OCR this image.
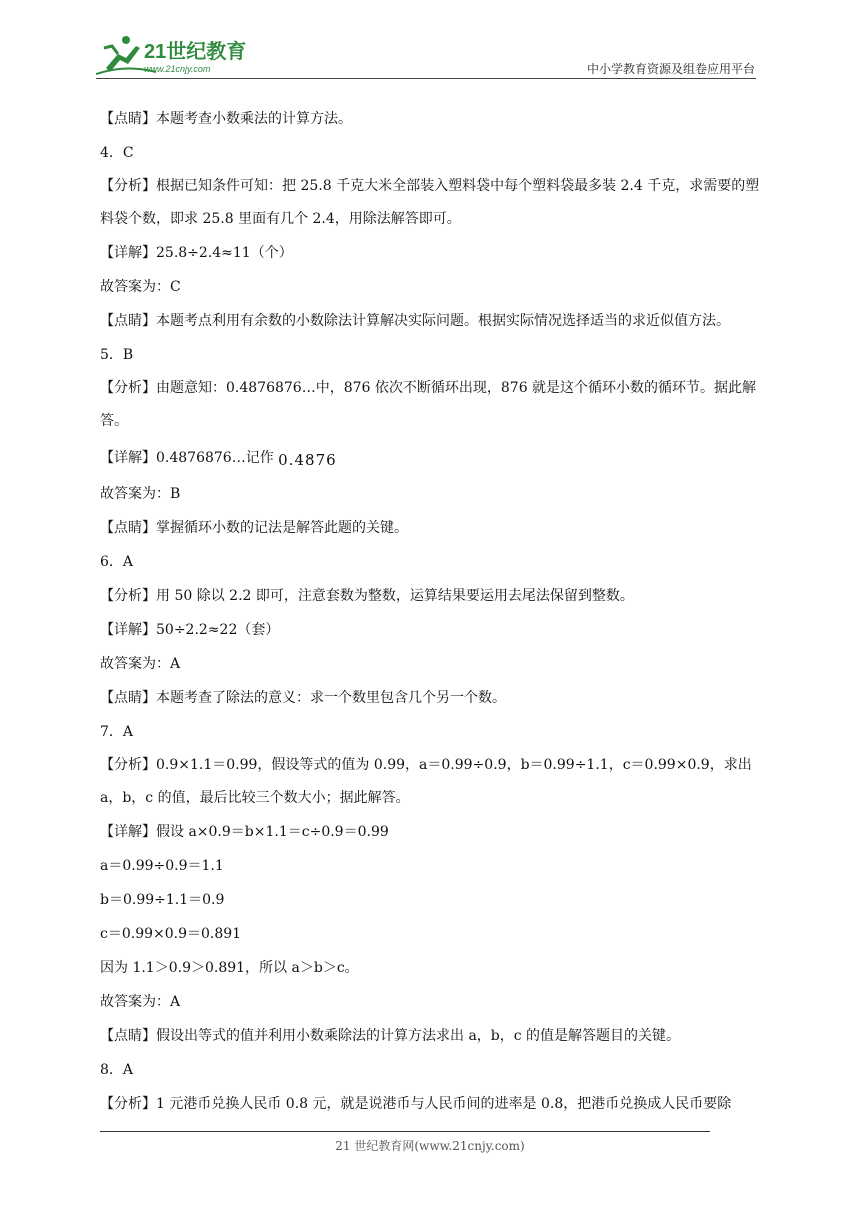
21世纪教育
www.21cnjy.com	中小学教育资源及组卷应用平台
【点睛】本题考查小数乘法的计算方法。
4．C
【分析】根据已知条件可知：把 25.8 千克大米全部装入塑料袋中每个塑料袋最多装 2.4 千克，求需要的塑料袋个数，即求 25.8 里面有几个 2.4，用除法解答即可。
【详解】25.8÷2.4≈11（个）
故答案为：C
【点睛】本题考点利用有余数的小数除法计算解决实际问题。根据实际情况选择适当的求近似值方法。
5．B
【分析】由题意知：0.4876876…中，876 依次不断循环出现，876 就是这个循环小数的循环节。据此解答。
【详解】0.4876876…记作 0.48 ·76 ·
故答案为：B
【点睛】掌握循环小数的记法是解答此题的关键。
6．A
【分析】用 50 除以 2.2 即可，注意套数为整数，运算结果要运用去尾法保留到整数。
【详解】50÷2.2≈22（套）
故答案为：A
【点睛】本题考查了除法的意义：求一个数里包含几个另一个数。
7．A
【分析】0.9×1.1＝0.99，假设等式的值为 0.99，a＝0.99÷0.9，b＝0.99÷1.1，c＝0.99×0.9，求出 a，b，c 的值，最后比较三个数大小；据此解答。
【详解】假设 a×0.9＝b×1.1＝c÷0.9＝0.99
a＝0.99÷0.9＝1.1
b＝0.99÷1.1＝0.9
c＝0.99×0.9＝0.891
因为 1.1＞0.9＞0.891，所以 a＞b＞c。
故答案为：A
【点睛】假设出等式的值并利用小数乘除法的计算方法求出 a，b，c 的值是解答题目的关键。
8．A
【分析】1 元港币兑换人民币 0.8 元，就是说港币与人民币间的进率是 0.8，把港币兑换成人民币要除
21 世纪教育网(www.21cnjy.com)
